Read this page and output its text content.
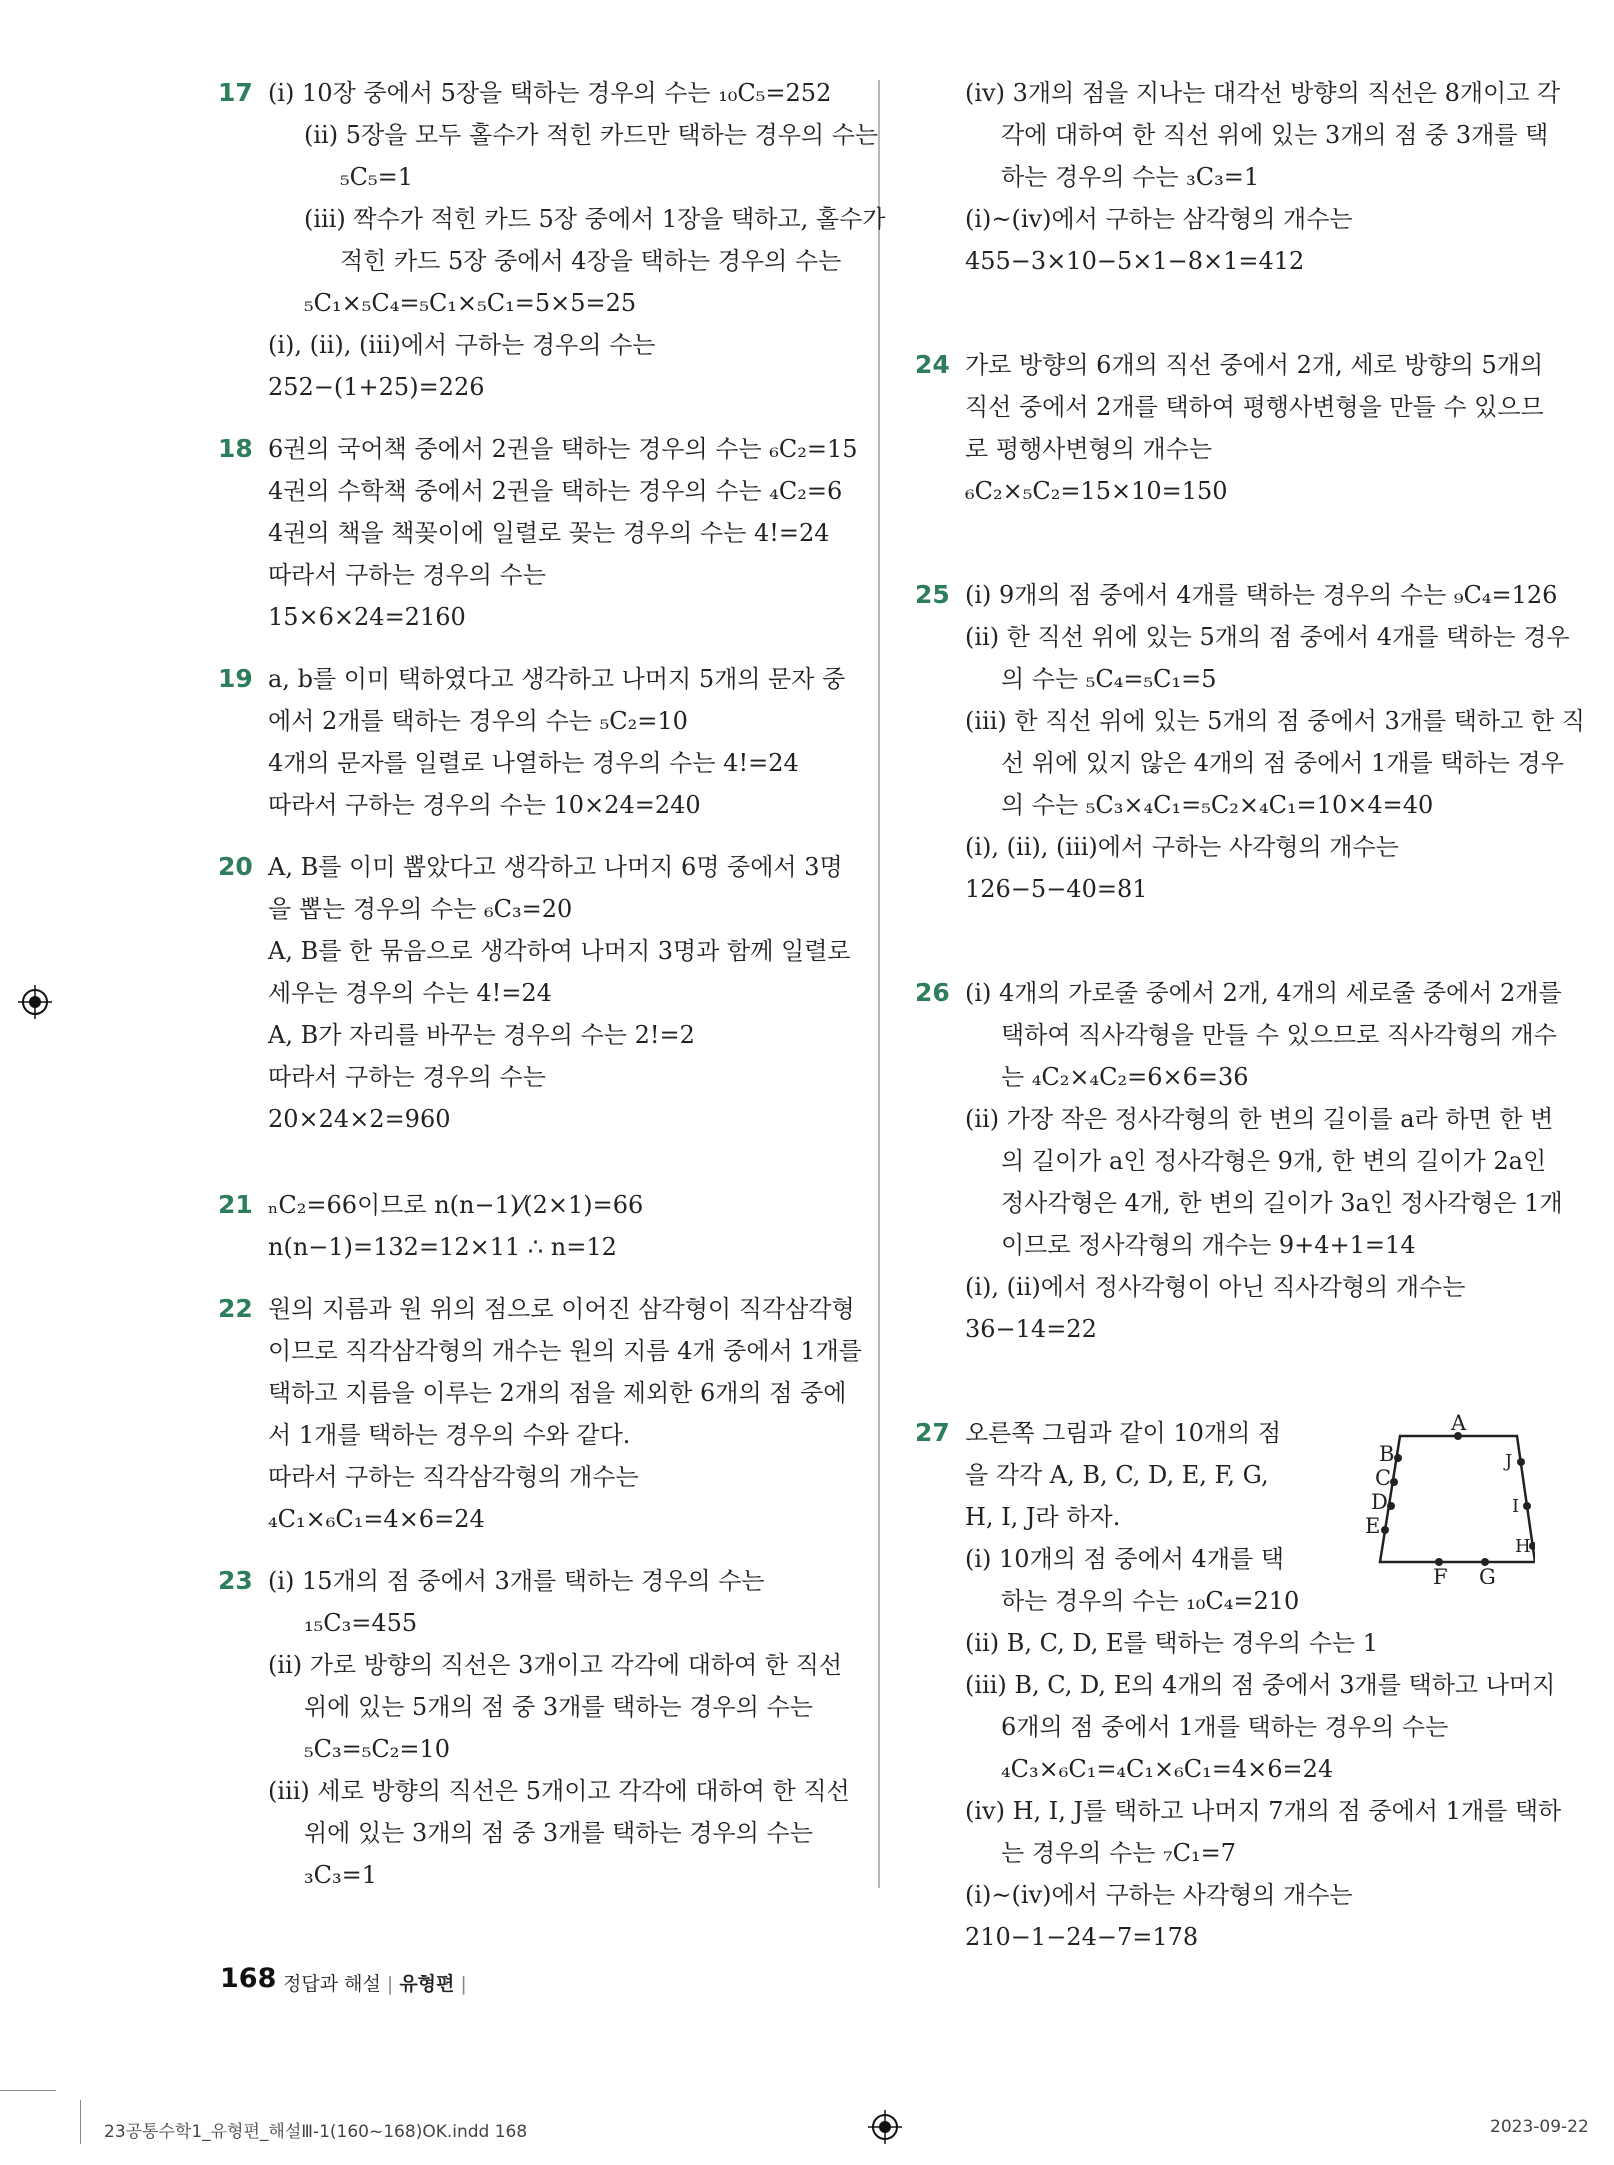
17 (ⅰ) 10장 중에서 5장을 택하는 경우의 수는 ₁₀C₅=252
(ⅱ) 5장을 모두 홀수가 적힌 카드만 택하는 경우의 수는
₅C₅=1
(ⅲ) 짝수가 적힌 카드 5장 중에서 1장을 택하고, 홀수가
적힌 카드 5장 중에서 4장을 택하는 경우의 수는
₅C₁×₅C₄=₅C₁×₅C₁=5×5=25
(ⅰ), (ⅱ), (ⅲ)에서 구하는 경우의 수는
252−(1+25)=226
18 6권의 국어책 중에서 2권을 택하는 경우의 수는 ₆C₂=15
4권의 수학책 중에서 2권을 택하는 경우의 수는 ₄C₂=6
4권의 책을 책꽂이에 일렬로 꽂는 경우의 수는 4!=24
따라서 구하는 경우의 수는
15×6×24=2160
19 a, b를 이미 택하였다고 생각하고 나머지 5개의 문자 중
에서 2개를 택하는 경우의 수는 ₅C₂=10
4개의 문자를 일렬로 나열하는 경우의 수는 4!=24
따라서 구하는 경우의 수는 10×24=240
20 A, B를 이미 뽑았다고 생각하고 나머지 6명 중에서 3명
을 뽑는 경우의 수는 ₆C₃=20
A, B를 한 묶음으로 생각하여 나머지 3명과 함께 일렬로
세우는 경우의 수는 4!=24
A, B가 자리를 바꾸는 경우의 수는 2!=2
따라서 구하는 경우의 수는
20×24×2=960
21 ₙC₂=66이므로 n(n−1)⁄(2×1)=66
n(n−1)=132=12×11 ∴ n=12
22 원의 지름과 원 위의 점으로 이어진 삼각형이 직각삼각형
이므로 직각삼각형의 개수는 원의 지름 4개 중에서 1개를
택하고 지름을 이루는 2개의 점을 제외한 6개의 점 중에
서 1개를 택하는 경우의 수와 같다.
따라서 구하는 직각삼각형의 개수는
₄C₁×₆C₁=4×6=24
23 (ⅰ) 15개의 점 중에서 3개를 택하는 경우의 수는
₁₅C₃=455
(ⅱ) 가로 방향의 직선은 3개이고 각각에 대하여 한 직선
위에 있는 5개의 점 중 3개를 택하는 경우의 수는
₅C₃=₅C₂=10
(ⅲ) 세로 방향의 직선은 5개이고 각각에 대하여 한 직선
위에 있는 3개의 점 중 3개를 택하는 경우의 수는
₃C₃=1
(ⅳ) 3개의 점을 지나는 대각선 방향의 직선은 8개이고 각
각에 대하여 한 직선 위에 있는 3개의 점 중 3개를 택
하는 경우의 수는 ₃C₃=1
(ⅰ)~(ⅳ)에서 구하는 삼각형의 개수는
455−3×10−5×1−8×1=412
24 가로 방향의 6개의 직선 중에서 2개, 세로 방향의 5개의
직선 중에서 2개를 택하여 평행사변형을 만들 수 있으므
로 평행사변형의 개수는
₆C₂×₅C₂=15×10=150
25 (ⅰ) 9개의 점 중에서 4개를 택하는 경우의 수는 ₉C₄=126
(ⅱ) 한 직선 위에 있는 5개의 점 중에서 4개를 택하는 경우
의 수는 ₅C₄=₅C₁=5
(ⅲ) 한 직선 위에 있는 5개의 점 중에서 3개를 택하고 한 직
선 위에 있지 않은 4개의 점 중에서 1개를 택하는 경우
의 수는 ₅C₃×₄C₁=₅C₂×₄C₁=10×4=40
(ⅰ), (ⅱ), (ⅲ)에서 구하는 사각형의 개수는
126−5−40=81
26 (ⅰ) 4개의 가로줄 중에서 2개, 4개의 세로줄 중에서 2개를
택하여 직사각형을 만들 수 있으므로 직사각형의 개수
는 ₄C₂×₄C₂=6×6=36
(ⅱ) 가장 작은 정사각형의 한 변의 길이를 a라 하면 한 변
의 길이가 a인 정사각형은 9개, 한 변의 길이가 2a인
정사각형은 4개, 한 변의 길이가 3a인 정사각형은 1개
이므로 정사각형의 개수는 9+4+1=14
(ⅰ), (ⅱ)에서 정사각형이 아닌 직사각형의 개수는
36−14=22
27	A
B
C
D
E
F G
H
I
J
오른쪽 그림과 같이 10개의 점
을 각각 A, B, C, D, E, F, G,
H, I, J라 하자.
(ⅰ) 10개의 점 중에서 4개를 택
하는 경우의 수는 ₁₀C₄=210
(ⅱ) B, C, D, E를 택하는 경우의 수는 1
(ⅲ) B, C, D, E의 4개의 점 중에서 3개를 택하고 나머지
6개의 점 중에서 1개를 택하는 경우의 수는
₄C₃×₆C₁=₄C₁×₆C₁=4×6=24
(ⅳ) H, I, J를 택하고 나머지 7개의 점 중에서 1개를 택하
는 경우의 수는 ₇C₁=7
(ⅰ)~(ⅳ)에서 구하는 사각형의 개수는
210−1−24−7=178
168 정답과 해설 | 유형편 |
23공통수학1_유형편_해설Ⅲ-1(160~168)OK.indd 168	2023-09-22
